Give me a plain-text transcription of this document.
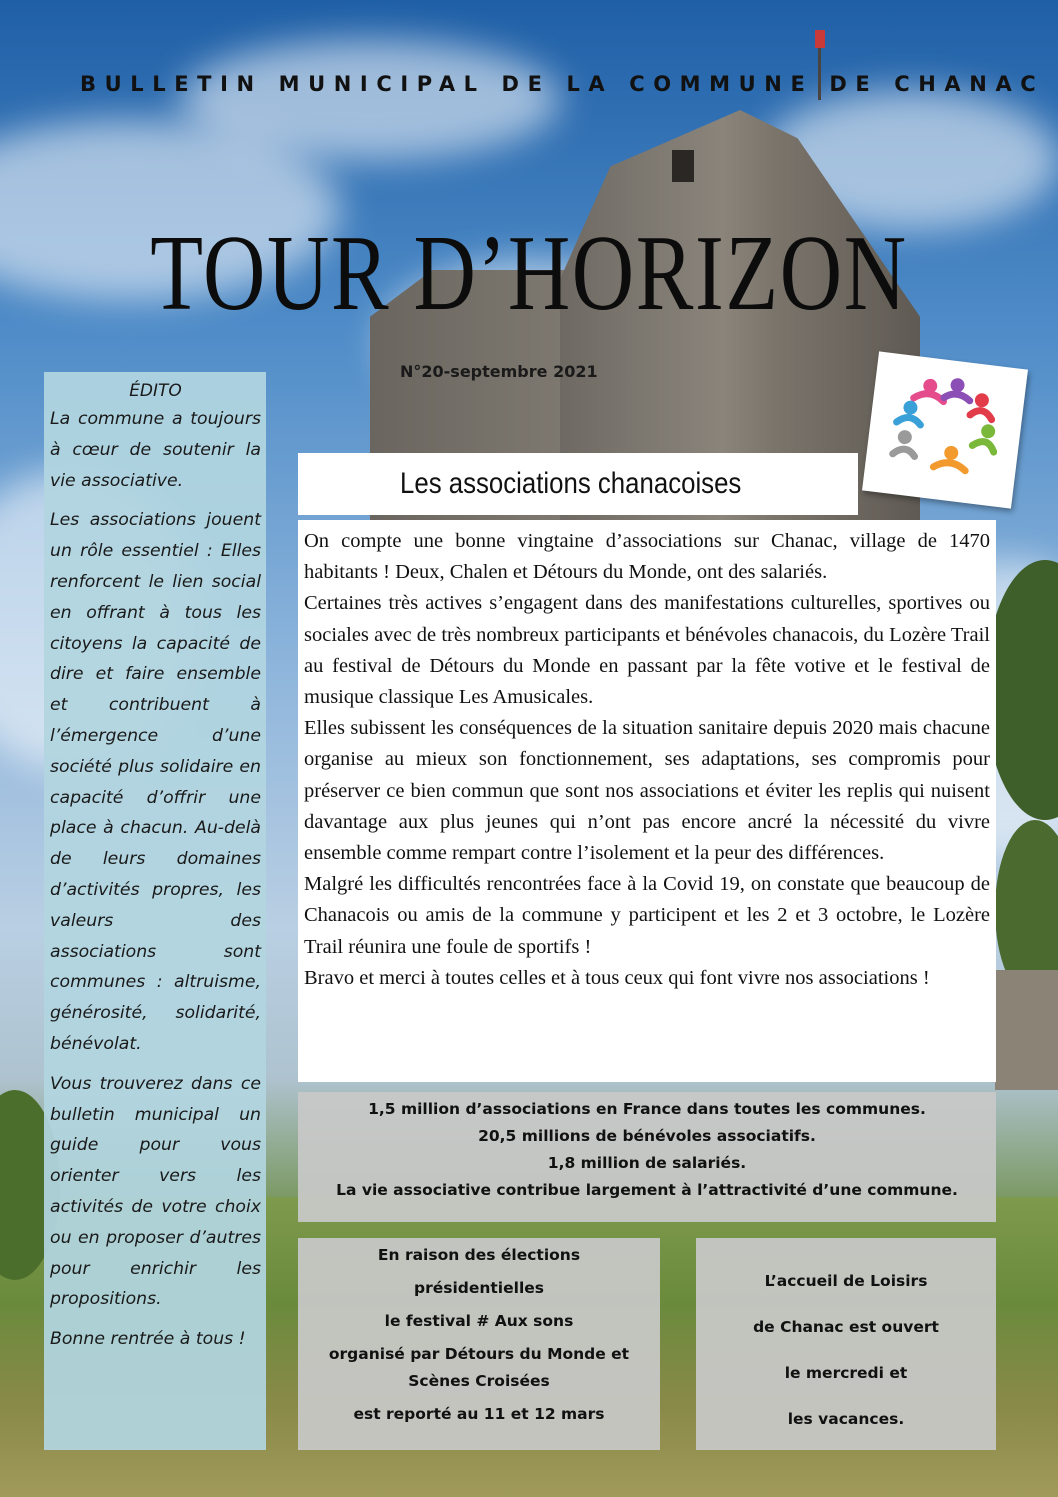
BULLETIN MUNICIPAL DE LA COMMUNE DE CHANAC
TOUR D’HORIZON
N°20-septembre 2021
ÉDITO

La commune a toujours à cœur de soutenir la vie associative.

Les associations jouent un rôle essentiel : Elles renforcent le lien social en offrant à tous les citoyens la capacité de dire et faire ensemble et contribuent à l’émergence d’une société plus solidaire en capacité d’offrir une place à chacun. Au-delà de leurs domaines d’activités propres, les valeurs des associations sont communes : altruisme, générosité, solidarité, bénévolat.

Vous trouverez dans ce bulletin municipal un guide pour vous orienter vers les activités de votre choix ou en proposer d’autres pour enrichir les propositions.

Bonne rentrée à tous !

Les associations chanacoises

On compte une bonne vingtaine d’associations sur Chanac, village de 1470 habitants ! Deux, Chalen et Détours du Monde, ont des salariés.

Certaines très actives s’engagent dans des manifestations culturelles, sportives ou sociales avec de très nombreux participants et bénévoles chanacois, du Lozère Trail au festival de Détours du Monde en passant par la fête votive et le festival de musique classique Les Amusicales.

Elles subissent les conséquences de la situation sanitaire depuis 2020 mais chacune organise au mieux son fonctionnement, ses adaptations, ses compromis pour préserver ce bien commun que sont nos associations et éviter les replis qui nuisent davantage aux plus jeunes qui n’ont pas encore ancré la nécessité du vivre ensemble comme rempart contre l’isolement et la peur des différences.

Malgré les difficultés rencontrées face à la Covid 19, on constate que beaucoup de Chanacois ou amis de la commune y participent et les 2 et 3 octobre, le Lozère Trail réunira une foule de sportifs !

Bravo et merci à toutes celles et à tous ceux qui font vivre nos associations !

1,5 million d’associations en France dans toutes les communes.
20,5 millions de bénévoles associatifs.
1,8 million de salariés.
La vie associative contribue largement à l’attractivité d’une commune.
En raison des élections
présidentielles
le festival # Aux sons
organisé par Détours du Monde et Scènes Croisées
est reporté au 11 et 12 mars
L’accueil de Loisirs
de Chanac est ouvert
le mercredi et
les vacances.
